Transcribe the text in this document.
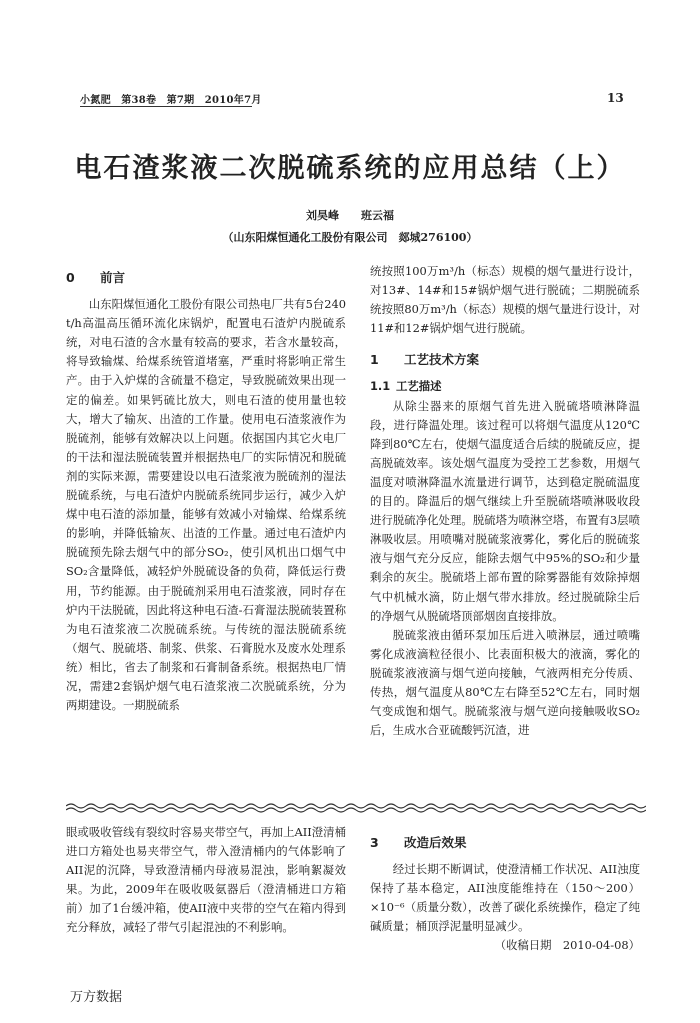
小氮肥　第38卷　第7期　2010年7月	13
电石渣浆液二次脱硫系统的应用总结（上）
刘昊峰　　班云福
（山东阳煤恒通化工股份有限公司　郯城276100）
0 前言

山东阳煤恒通化工股份有限公司热电厂共有5台240 t/h高温高压循环流化床锅炉，配置电石渣炉内脱硫系统，对电石渣的含水量有较高的要求，若含水量较高，将导致输煤、给煤系统管道堵塞，严重时将影响正常生产。由于入炉煤的含硫量不稳定，导致脱硫效果出现一定的偏差。如果钙硫比放大，则电石渣的使用量也较大，增大了输灰、出渣的工作量。使用电石渣浆液作为脱硫剂，能够有效解决以上问题。依据国内其它火电厂的干法和湿法脱硫装置并根据热电厂的实际情况和脱硫剂的实际来源，需要建设以电石渣浆液为脱硫剂的湿法脱硫系统，与电石渣炉内脱硫系统同步运行，减少入炉煤中电石渣的添加量，能够有效减小对输煤、给煤系统的影响，并降低输灰、出渣的工作量。通过电石渣炉内脱硫预先除去烟气中的部分SO₂，使引风机出口烟气中SO₂含量降低，减轻炉外脱硫设备的负荷，降低运行费用，节约能源。由于脱硫剂采用电石渣浆液，同时存在炉内干法脱硫，因此将这种电石渣-石膏湿法脱硫装置称为电石渣浆液二次脱硫系统。与传统的湿法脱硫系统（烟气、脱硫塔、制浆、供浆、石膏脱水及废水处理系统）相比，省去了制浆和石膏制备系统。根据热电厂情况，需建2套锅炉烟气电石渣浆液二次脱硫系统，分为两期建设。一期脱硫系

统按照100万m³/h（标态）规模的烟气量进行设计，对13#、14#和15#锅炉烟气进行脱硫；二期脱硫系统按照80万m³/h（标态）规模的烟气量进行设计，对11#和12#锅炉烟气进行脱硫。

1 工艺技术方案
1.1 工艺描述

从除尘器来的原烟气首先进入脱硫塔喷淋降温段，进行降温处理。该过程可以将烟气温度从120℃降到80℃左右，使烟气温度适合后续的脱硫反应，提高脱硫效率。该处烟气温度为受控工艺参数，用烟气温度对喷淋降温水流量进行调节，达到稳定脱硫温度的目的。降温后的烟气继续上升至脱硫塔喷淋吸收段进行脱硫净化处理。脱硫塔为喷淋空塔，布置有3层喷淋吸收层。用喷嘴对脱硫浆液雾化，雾化后的脱硫浆液与烟气充分反应，能除去烟气中95%的SO₂和少量剩余的灰尘。脱硫塔上部布置的除雾器能有效除掉烟气中机械水滴，防止烟气带水排放。经过脱硫除尘后的净烟气从脱硫塔顶部烟囱直接排放。

脱硫浆液由循环泵加压后进入喷淋层，通过喷嘴雾化成液滴粒径很小、比表面积极大的液滴，雾化的脱硫浆液液滴与烟气逆向接触，气液两相充分传质、传热，烟气温度从80℃左右降至52℃左右，同时烟气变成饱和烟气。脱硫浆液与烟气逆向接触吸收SO₂后，生成水合亚硫酸钙沉渣，进

眼或吸收管线有裂纹时容易夹带空气，再加上AII澄清桶进口方箱处也易夹带空气，带入澄清桶内的气体影响了AII泥的沉降，导致澄清桶内母液易混浊，影响絮凝效果。为此，2009年在吸收吸氨器后（澄清桶进口方箱前）加了1台缓冲箱，使AII液中夹带的空气在箱内得到充分释放，减轻了带气引起混浊的不利影响。

3 改造后效果

经过长期不断调试，使澄清桶工作状况、AII浊度保持了基本稳定，AII浊度能维持在（150～200）×10⁻⁶（质量分数），改善了碳化系统操作，稳定了纯碱质量；桶顶浮泥量明显减少。

（收稿日期　2010-04-08）
万方数据
